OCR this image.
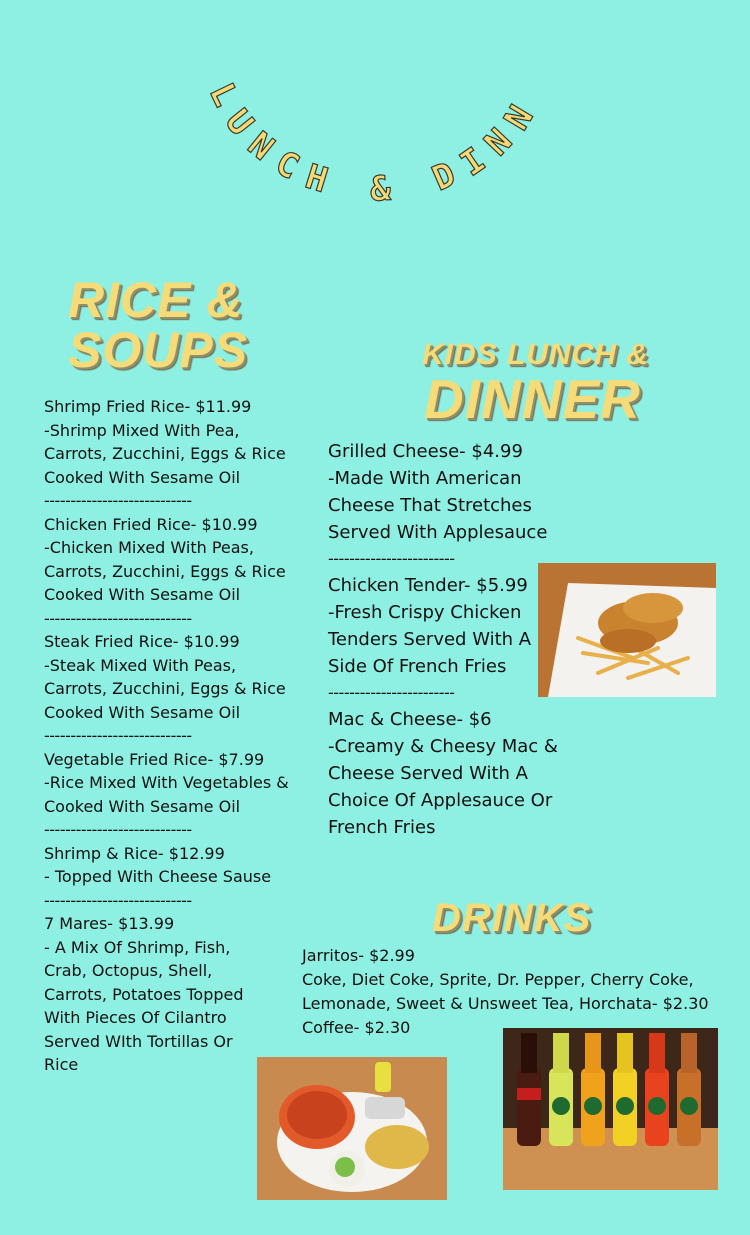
LUNCH & DINN
RICE &
SOUPS
Shrimp Fried Rice- $11.99
-Shrimp Mixed With Pea, Carrots, Zucchini, Eggs & Rice Cooked With Sesame Oil
----------------------------
Chicken Fried Rice- $10.99
-Chicken Mixed With Peas, Carrots, Zucchini, Eggs & Rice Cooked With Sesame Oil
----------------------------
Steak Fried Rice- $10.99
-Steak Mixed With Peas, Carrots, Zucchini, Eggs & Rice Cooked With Sesame Oil
----------------------------
Vegetable Fried Rice- $7.99
-Rice Mixed With Vegetables & Cooked With Sesame Oil
----------------------------
Shrimp & Rice- $12.99
- Topped With Cheese Sause
----------------------------
7 Mares- $13.99
- A Mix Of Shrimp, Fish, Crab, Octopus, Shell, Carrots, Potatoes Topped With Pieces Of Cilantro Served WIth Tortillas Or Rice
KIDS LUNCH &
DINNER
Grilled Cheese- $4.99
-Made With American Cheese That Stretches Served With Applesauce
------------------------
Chicken Tender- $5.99
-Fresh Crispy Chicken Tenders Served With A Side Of French Fries
------------------------
Mac & Cheese- $6
-Creamy & Cheesy Mac & Cheese Served With A Choice Of Applesauce Or French Fries
DRINKS
Jarritos- $2.99
Coke, Diet Coke, Sprite, Dr. Pepper, Cherry Coke, Lemonade, Sweet & Unsweet Tea, Horchata- $2.30
Coffee- $2.30
